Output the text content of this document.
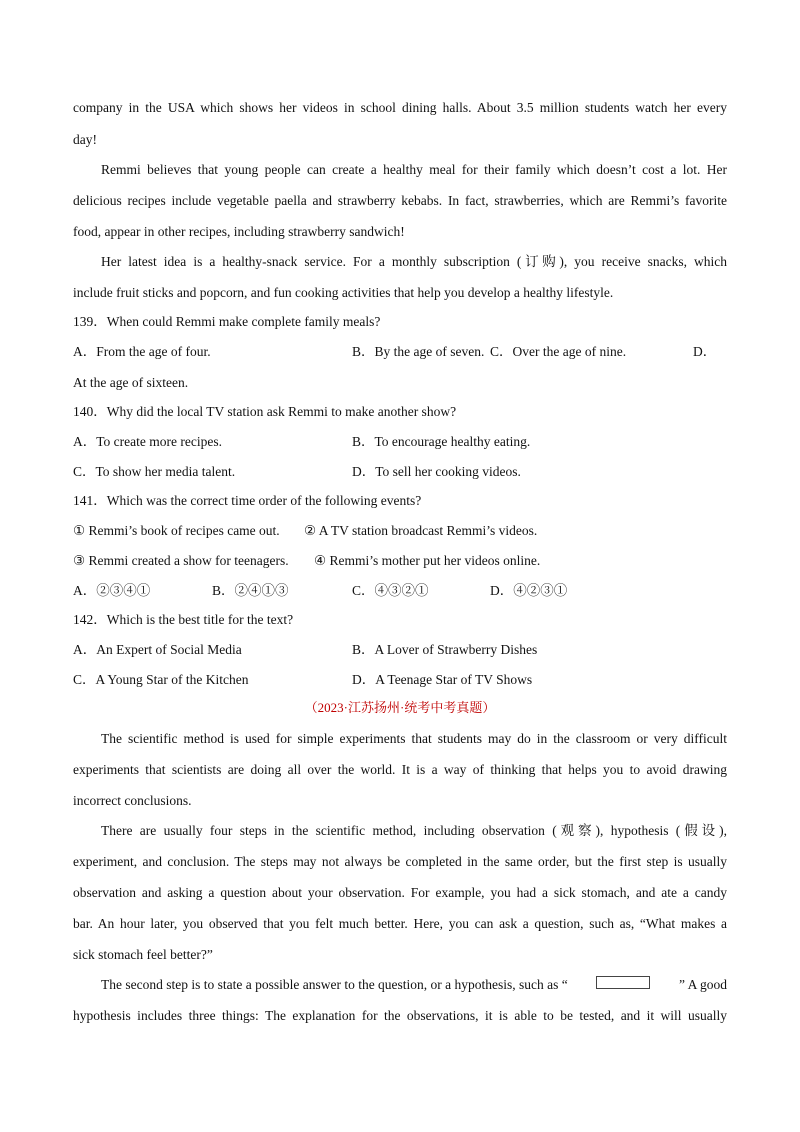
company in the USA which shows her videos in school dining halls. About 3.5 million students watch her every
day!
Remmi believes that young people can create a healthy meal for their family which doesn’t cost a lot. Her
delicious recipes include vegetable paella and strawberry kebabs. In fact, strawberries, which are Remmi’s favorite
food, appear in other recipes, including strawberry sandwich!
Her latest idea is a healthy-snack service. For a monthly subscription (订购), you receive snacks, which
include fruit sticks and popcorn, and fun cooking activities that help you develop a healthy lifestyle.
139．When could Remmi make complete family meals?
A．From the age of four.	B．By the age of seven. C．Over the age of nine.	D．
At the age of sixteen.
140．Why did the local TV station ask Remmi to make another show?
A．To create more recipes.	B．To encourage healthy eating.
C．To show her media talent.	D．To sell her cooking videos.
141．Which was the correct time order of the following events?
① Remmi’s book of recipes came out. ② A TV station broadcast Remmi’s videos.
③ Remmi created a show for teenagers. ④ Remmi’s mother put her videos online.
A．②③④①	B．②④①③	C．④③②①	D．④②③①
142．Which is the best title for the text?
A．An Expert of Social Media	B．A Lover of Strawberry Dishes
C．A Young Star of the Kitchen	D．A Teenage Star of TV Shows
（2023·江苏扬州·统考中考真题）
The scientific method is used for simple experiments that students may do in the classroom or very difficult
experiments that scientists are doing all over the world. It is a way of thinking that helps you to avoid drawing
incorrect conclusions.
There are usually four steps in the scientific method, including observation (观察), hypothesis (假设),
experiment, and conclusion. The steps may not always be completed in the same order, but the first step is usually
observation and asking a question about your observation. For example, you had a sick stomach, and ate a candy
bar. An hour later, you observed that you felt much better. Here, you can ask a question, such as, “What makes a
sick stomach feel better?”
The second step is to state a possible answer to the question, or a hypothesis, such as “	” A good
hypothesis includes three things: The explanation for the observations, it is able to be tested, and it will usually
